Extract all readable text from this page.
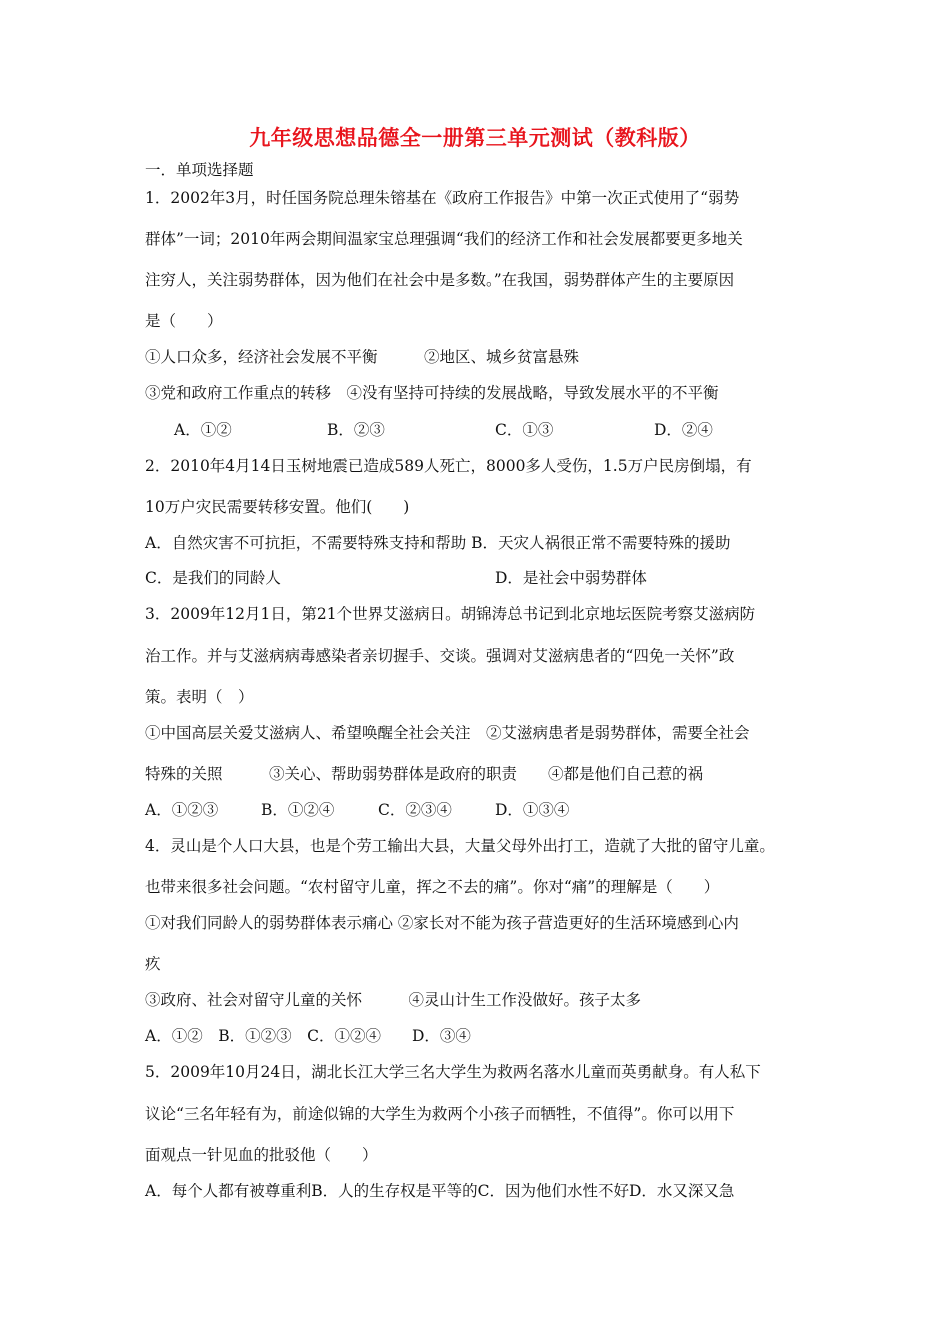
九年级思想品德全一册第三单元测试（教科版）
一．单项选择题
1．2002年3月，时任国务院总理朱镕基在《政府工作报告》中第一次正式使用了“弱势
群体”一词；2010年两会期间温家宝总理强调“我们的经济工作和社会发展都要更多地关
注穷人，关注弱势群体，因为他们在社会中是多数。”在我国，弱势群体产生的主要原因
是（　　）
①人口众多，经济社会发展不平衡　　　②地区、城乡贫富悬殊
③党和政府工作重点的转移　④没有坚持可持续的发展战略，导致发展水平的不平衡
A．①②	B．②③	C．①③	D．②④
2．2010年4月14日玉树地震已造成589人死亡，8000多人受伤，1.5万户民房倒塌，有
10万户灾民需要转移安置。他们(　　)
A．自然灾害不可抗拒，不需要特殊支持和帮助 B．天灾人祸很正常不需要特殊的援助
C．是我们的同龄人	D．是社会中弱势群体
3．2009年12月1日，第21个世界艾滋病日。胡锦涛总书记到北京地坛医院考察艾滋病防
治工作。并与艾滋病病毒感染者亲切握手、交谈。强调对艾滋病患者的“四免一关怀”政
策。表明（　）
①中国高层关爱艾滋病人、希望唤醒全社会关注　②艾滋病患者是弱势群体，需要全社会
特殊的关照　　　③关心、帮助弱势群体是政府的职责　　④都是他们自己惹的祸
A．①②③	B．①②④	C．②③④	D．①③④
4．灵山是个人口大县，也是个劳工输出大县，大量父母外出打工，造就了大批的留守儿童。
也带来很多社会问题。“农村留守儿童，挥之不去的痛”。你对“痛”的理解是（　　）
①对我们同龄人的弱势群体表示痛心 ②家长对不能为孩子营造更好的生活环境感到心内
疚
③政府、社会对留守儿童的关怀　　　④灵山计生工作没做好。孩子太多
A．①②　B．①②③　C．①②④　　D．③④
5．2009年10月24日，湖北长江大学三名大学生为救两名落水儿童而英勇献身。有人私下
议论“三名年轻有为，前途似锦的大学生为救两个小孩子而牺牲，不值得”。你可以用下
面观点一针见血的批驳他（　　）
A．每个人都有被尊重利B．人的生存权是平等的C．因为他们水性不好D．水又深又急
